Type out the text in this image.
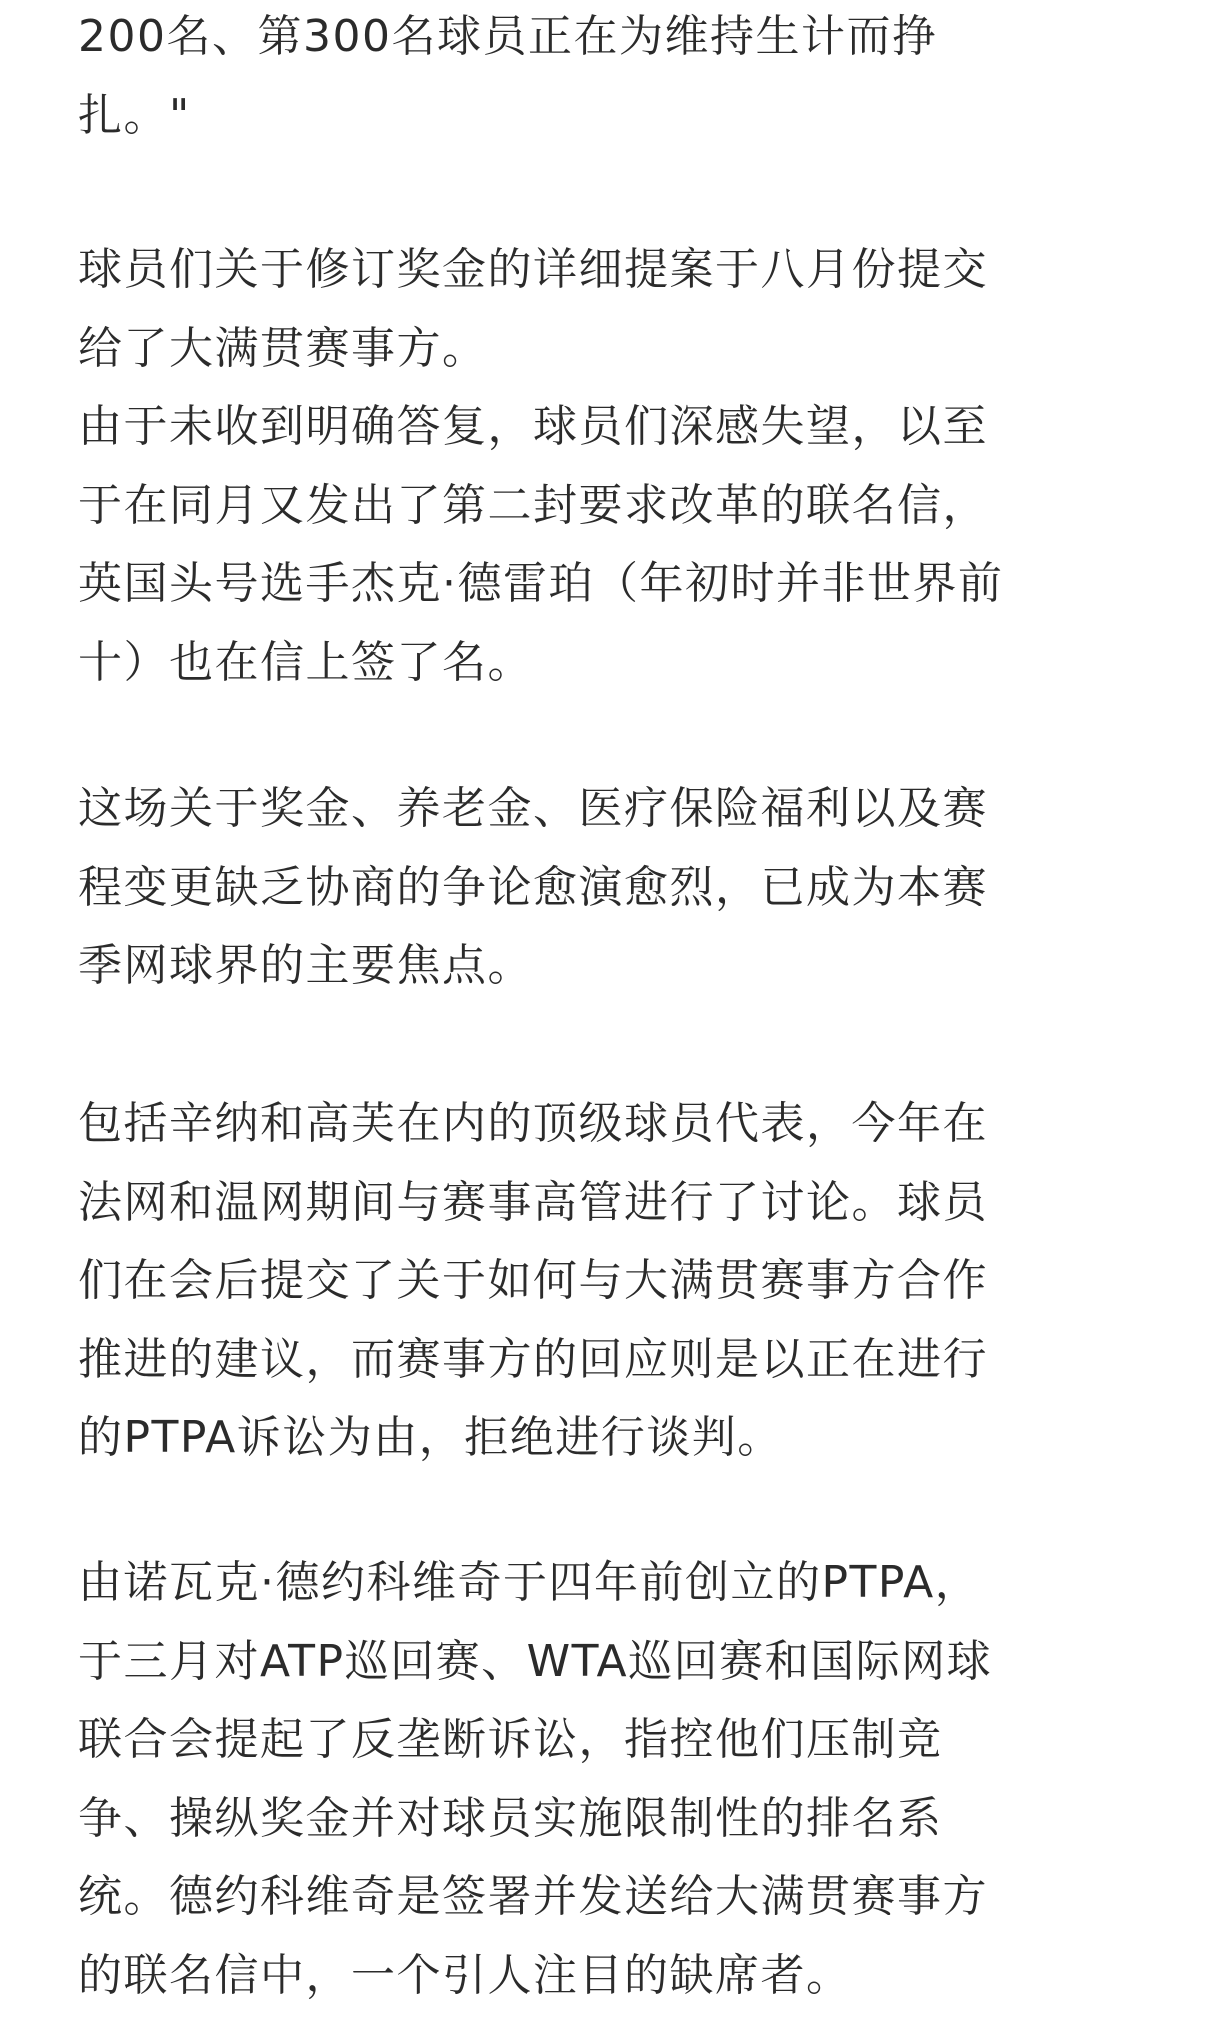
200名、第300名球员正在为维持生计而挣
扎。"

球员们关于修订奖金的详细提案于八月份提交
给了大满贯赛事方。
由于未收到明确答复，球员们深感失望，以至
于在同月又发出了第二封要求改革的联名信，
英国头号选手杰克·德雷珀（年初时并非世界前
十）也在信上签了名。

这场关于奖金、养老金、医疗保险福利以及赛
程变更缺乏协商的争论愈演愈烈，已成为本赛
季网球界的主要焦点。

包括辛纳和高芙在内的顶级球员代表，今年在
法网和温网期间与赛事高管进行了讨论。球员
们在会后提交了关于如何与大满贯赛事方合作
推进的建议，而赛事方的回应则是以正在进行
的PTPA诉讼为由，拒绝进行谈判。

由诺瓦克·德约科维奇于四年前创立的PTPA，
于三月对ATP巡回赛、WTA巡回赛和国际网球
联合会提起了反垄断诉讼，指控他们压制竞
争、操纵奖金并对球员实施限制性的排名系
统。德约科维奇是签署并发送给大满贯赛事方
的联名信中，一个引人注目的缺席者。
